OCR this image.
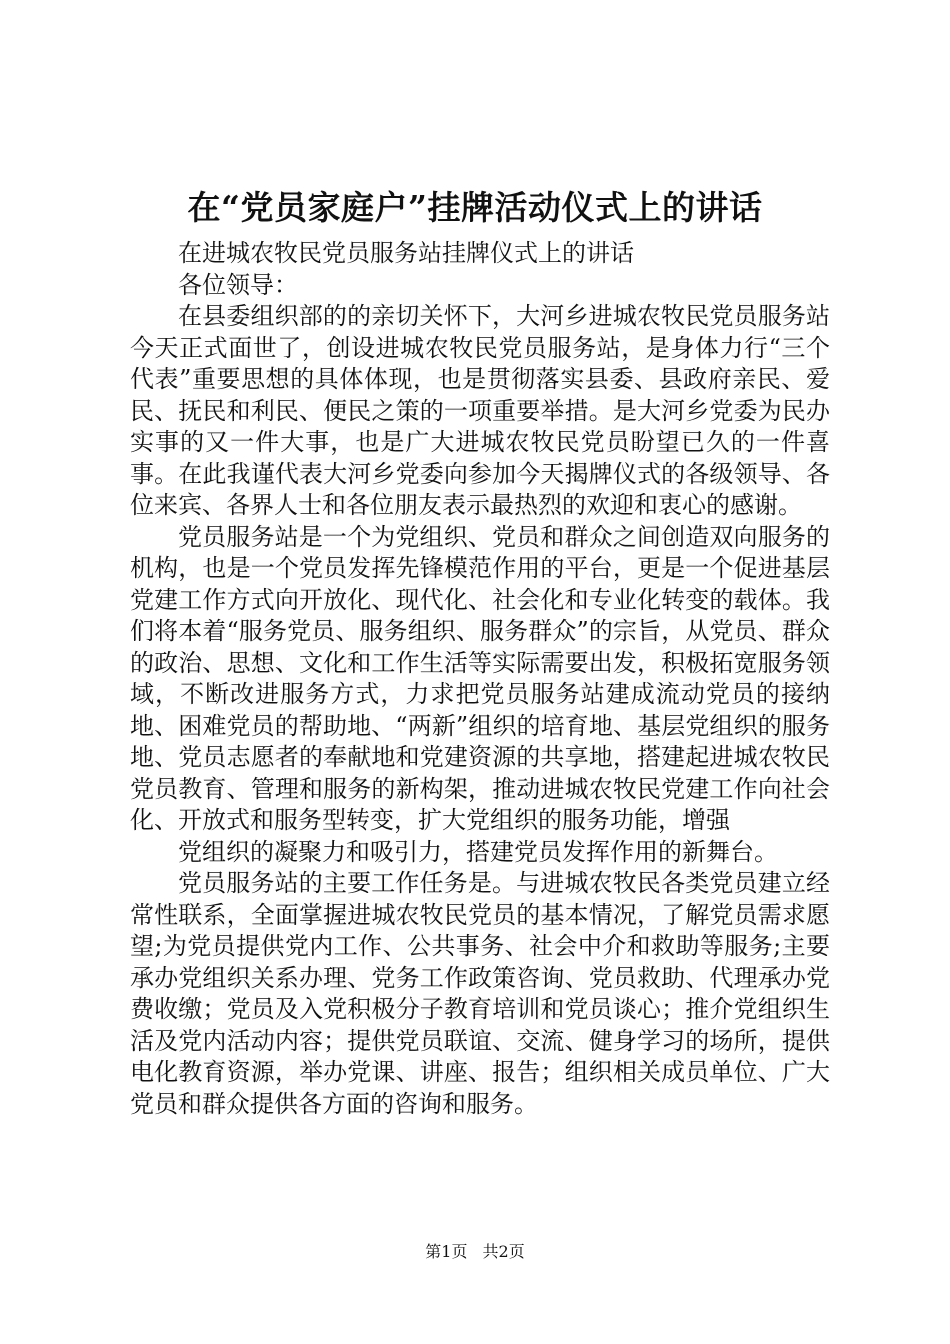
在“党员家庭户”挂牌活动仪式上的讲话

在进城农牧民党员服务站挂牌仪式上的讲话

各位领导：

在县委组织部的的亲切关怀下，大河乡进城农牧民党员服务站今天正式面世了，创设进城农牧民党员服务站，是身体力行“三个代表”重要思想的具体体现，也是贯彻落实县委、县政府亲民、爱民、抚民和利民、便民之策的一项重要举措。是大河乡党委为民办实事的又一件大事，也是广大进城农牧民党员盼望已久的一件喜事。在此我谨代表大河乡党委向参加今天揭牌仪式的各级领导、各位来宾、各界人士和各位朋友表示最热烈的欢迎和衷心的感谢。

党员服务站是一个为党组织、党员和群众之间创造双向服务的机构，也是一个党员发挥先锋模范作用的平台，更是一个促进基层党建工作方式向开放化、现代化、社会化和专业化转变的载体。我们将本着“服务党员、服务组织、服务群众”的宗旨，从党员、群众的政治、思想、文化和工作生活等实际需要出发，积极拓宽服务领域，不断改进服务方式，力求把党员服务站建成流动党员的接纳地、困难党员的帮助地、“两新”组织的培育地、基层党组织的服务地、党员志愿者的奉献地和党建资源的共享地，搭建起进城农牧民党员教育、管理和服务的新构架，推动进城农牧民党建工作向社会化、开放式和服务型转变，扩大党组织的服务功能，增强

党组织的凝聚力和吸引力，搭建党员发挥作用的新舞台。

党员服务站的主要工作任务是。与进城农牧民各类党员建立经常性联系，全面掌握进城农牧民党员的基本情况，了解党员需求愿望;为党员提供党内工作、公共事务、社会中介和救助等服务;主要承办党组织关系办理、党务工作政策咨询、党员救助、代理承办党费收缴；党员及入党积极分子教育培训和党员谈心；推介党组织生活及党内活动内容；提供党员联谊、交流、健身学习的场所，提供电化教育资源，举办党课、讲座、报告；组织相关成员单位、广大党员和群众提供各方面的咨询和服务。

第1页 共2页
